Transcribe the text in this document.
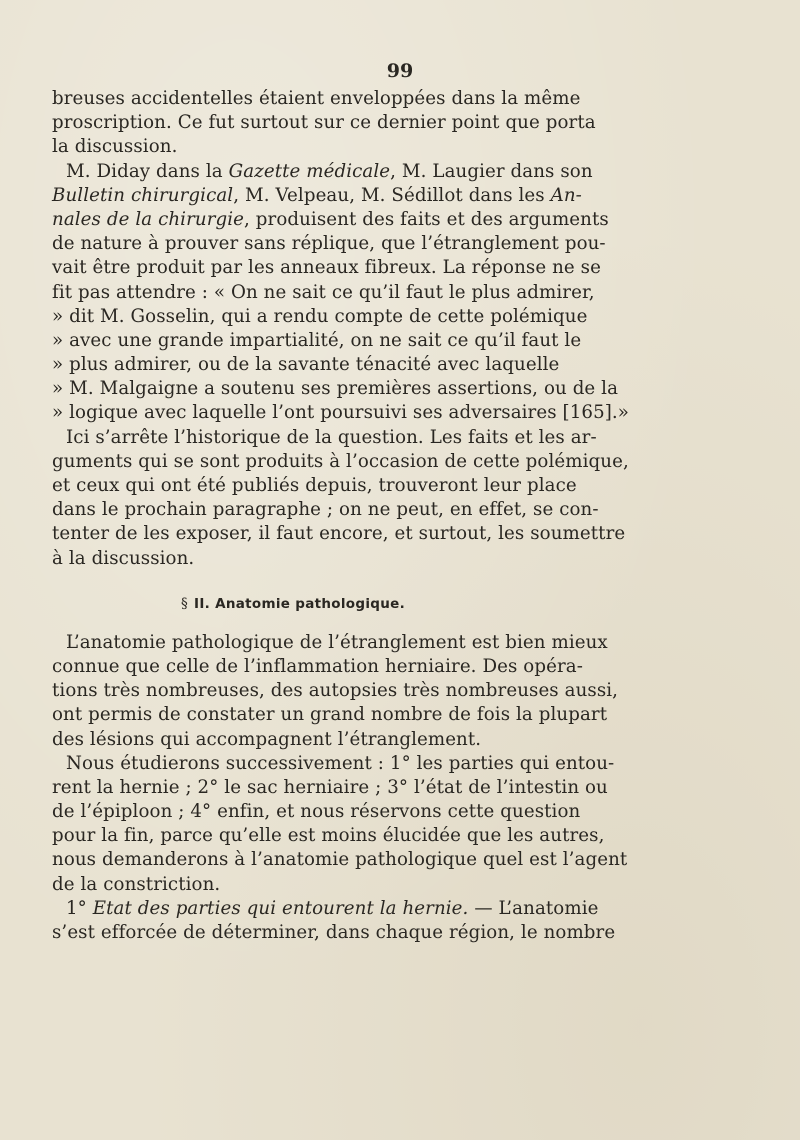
99
breuses accidentelles étaient enveloppées dans la même
proscription. Ce fut surtout sur ce dernier point que porta
la discussion.
M. Diday dans la Gazette médicale, M. Laugier dans son
Bulletin chirurgical, M. Velpeau, M. Sédillot dans les An-
nales de la chirurgie, produisent des faits et des arguments
de nature à prouver sans réplique, que l’étranglement pou-
vait être produit par les anneaux fibreux. La réponse ne se
fit pas attendre : « On ne sait ce qu’il faut le plus admirer,
» dit M. Gosselin, qui a rendu compte de cette polémique
» avec une grande impartialité, on ne sait ce qu’il faut le
» plus admirer, ou de la savante ténacité avec laquelle
» M. Malgaigne a soutenu ses premières assertions, ou de la
» logique avec laquelle l’ont poursuivi ses adversaires [165].»
Ici s’arrête l’historique de la question. Les faits et les ar-
guments qui se sont produits à l’occasion de cette polémique,
et ceux qui ont été publiés depuis, trouveront leur place
dans le prochain paragraphe ; on ne peut, en effet, se con-
tenter de les exposer, il faut encore, et surtout, les soumettre
à la discussion.
§ II. Anatomie pathologique.
L’anatomie pathologique de l’étranglement est bien mieux
connue que celle de l’inflammation herniaire. Des opéra-
tions très nombreuses, des autopsies très nombreuses aussi,
ont permis de constater un grand nombre de fois la plupart
des lésions qui accompagnent l’étranglement.
Nous étudierons successivement : 1° les parties qui entou-
rent la hernie ; 2° le sac herniaire ; 3° l’état de l’intestin ou
de l’épiploon ; 4° enfin, et nous réservons cette question
pour la fin, parce qu’elle est moins élucidée que les autres,
nous demanderons à l’anatomie pathologique quel est l’agent
de la constriction.
1° Etat des parties qui entourent la hernie. — L’anatomie
s’est efforcée de déterminer, dans chaque région, le nombre
